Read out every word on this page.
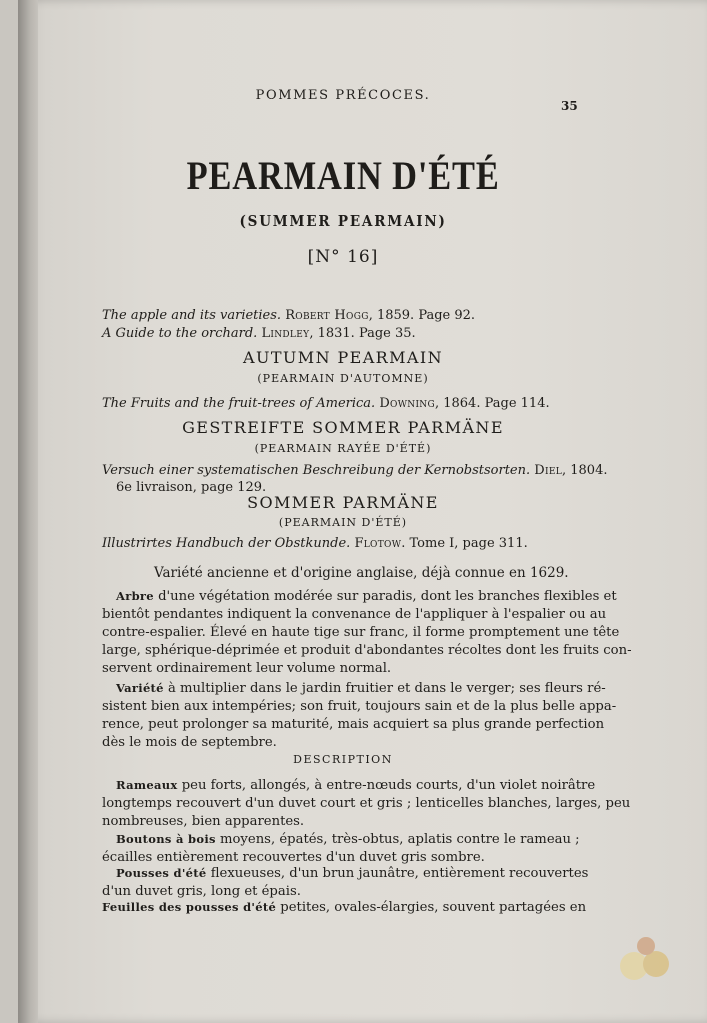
POMMES PRÉCOCES.
35
PEARMAIN D'ÉTÉ
(SUMMER PEARMAIN)
[N° 16]
The apple and its varieties. Robert Hogg, 1859. Page 92.
A Guide to the orchard. Lindley, 1831. Page 35.
AUTUMN PEARMAIN
(PEARMAIN D'AUTOMNE)
The Fruits and the fruit-trees of America. Downing, 1864. Page 114.
GESTREIFTE SOMMER PARMÄNE
(PEARMAIN RAYÉE D'ÉTÉ)
Versuch einer systematischen Beschreibung der Kernobstsorten. Diel, 1804.
6e livraison, page 129.
SOMMER PARMÄNE
(PEARMAIN D'ÉTÉ)
Illustrirtes Handbuch der Obstkunde. Flotow. Tome I, page 311.
Variété ancienne et d'origine anglaise, déjà connue en 1629.
Arbre d'une végétation modérée sur paradis, dont les branches flexibles et
bientôt pendantes indiquent la convenance de l'appliquer à l'espalier ou au
contre-espalier. Élevé en haute tige sur franc, il forme promptement une tête
large, sphérique-déprimée et produit d'abondantes récoltes dont les fruits con-
servent ordinairement leur volume normal.
Variété à multiplier dans le jardin fruitier et dans le verger; ses fleurs ré-
sistent bien aux intempéries; son fruit, toujours sain et de la plus belle appa-
rence, peut prolonger sa maturité, mais acquiert sa plus grande perfection
dès le mois de septembre.
DESCRIPTION
Rameaux peu forts, allongés, à entre-nœuds courts, d'un violet noirâtre
longtemps recouvert d'un duvet court et gris ; lenticelles blanches, larges, peu
nombreuses, bien apparentes.
Boutons à bois moyens, épatés, très-obtus, aplatis contre le rameau ;
écailles entièrement recouvertes d'un duvet gris sombre.
Pousses d'été flexueuses, d'un brun jaunâtre, entièrement recouvertes
d'un duvet gris, long et épais.
Feuilles des pousses d'été petites, ovales-élargies, souvent partagées en
